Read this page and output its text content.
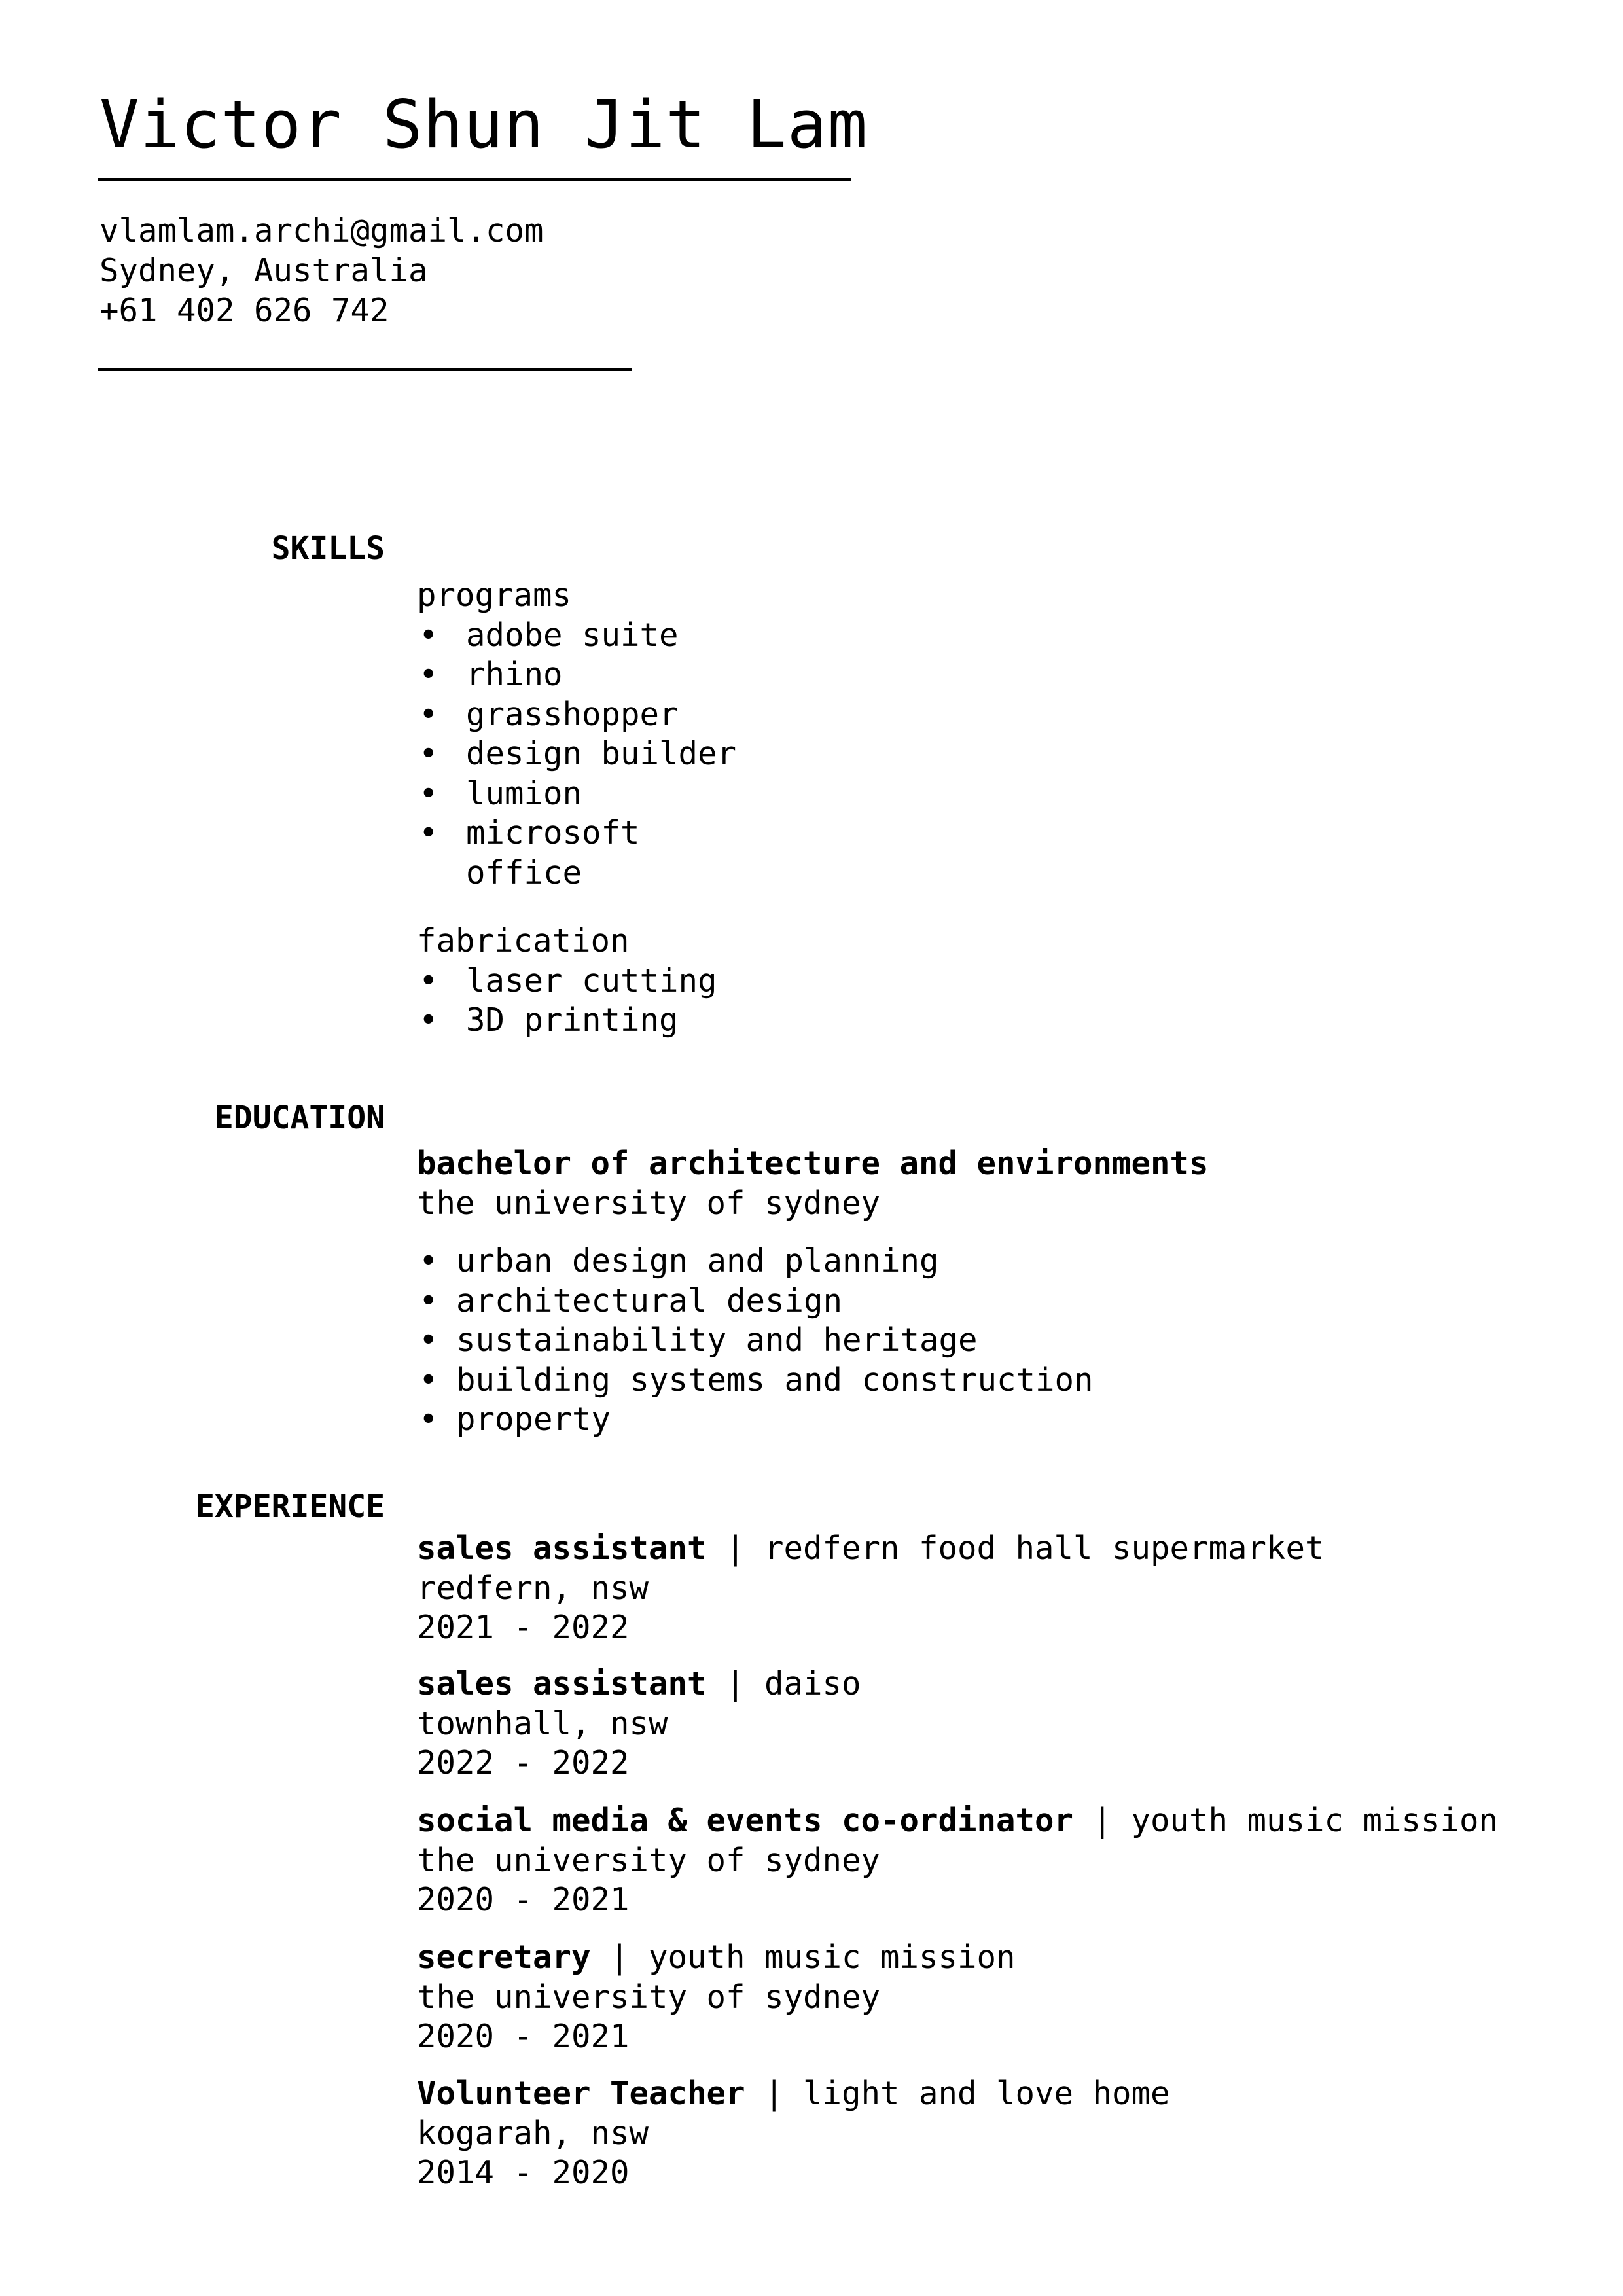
Victor Shun Jit Lam
vlamlam.archi@gmail.com
Sydney, Australia
+61 402 626 742
SKILLS
programs
• adobe suite
• rhino
• grasshopper
• design builder
• lumion
• microsoft
office
fabrication
• laser cutting
• 3D printing
EDUCATION
bachelor of architecture and environments
the university of sydney
• urban design and planning
• architectural design
• sustainability and heritage
• building systems and construction
• property
EXPERIENCE
sales assistant | redfern food hall supermarket
redfern, nsw
2021 - 2022
sales assistant | daiso
townhall, nsw
2022 - 2022
social media & events co-ordinator | youth music mission
the university of sydney
2020 - 2021
secretary | youth music mission
the university of sydney
2020 - 2021
Volunteer Teacher | light and love home
kogarah, nsw
2014 - 2020
